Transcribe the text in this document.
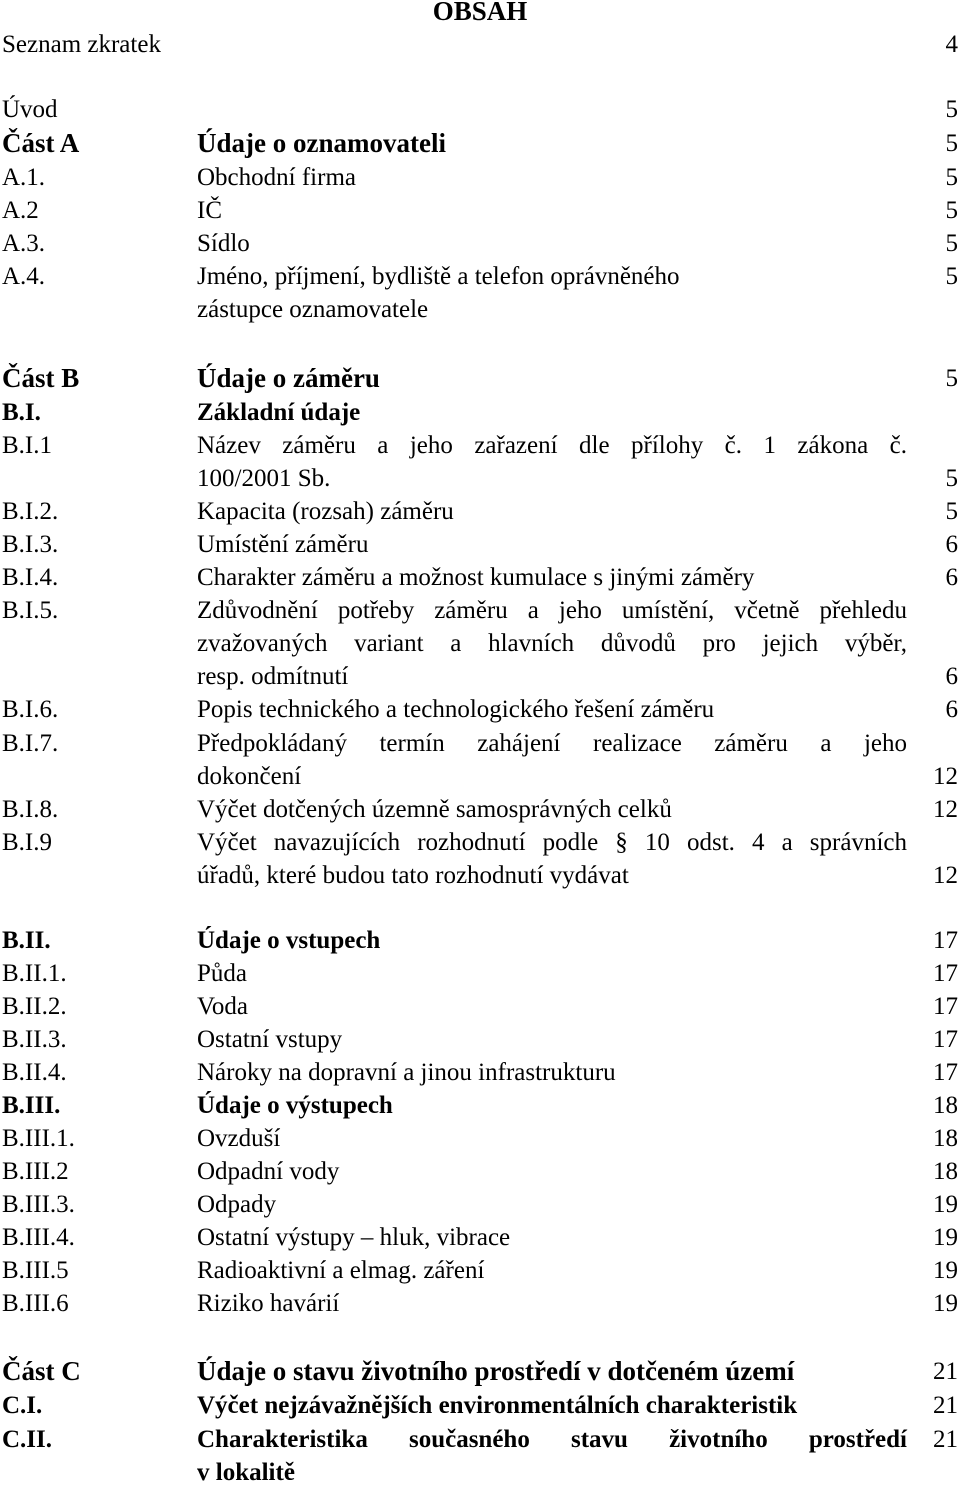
OBSAH
Seznam zkratek	4
Úvod	5
Část A	Údaje o oznamovateli	5
A.1.	Obchodní firma	5
A.2	IČ	5
A.3.	Sídlo	5
A.4.	Jméno, příjmení, bydliště a telefon oprávněného	5
zástupce oznamovatele
Část B	Údaje o záměru	5
B.I.	Základní údaje
B.I.1	Název záměru a jeho zařazení dle přílohy č. 1 zákona č.
100/2001 Sb.	5
B.I.2.	Kapacita (rozsah) záměru	5
B.I.3.	Umístění záměru	6
B.I.4.	Charakter záměru a možnost kumulace s jinými záměry	6
B.I.5.	Zdůvodnění potřeby záměru a jeho umístění, včetně přehledu
zvažovaných variant a hlavních důvodů pro jejich výběr,
resp. odmítnutí	6
B.I.6.	Popis technického a technologického řešení záměru	6
B.I.7.	Předpokládaný termín zahájení realizace záměru a jeho
dokončení	12
B.I.8.	Výčet dotčených územně samosprávných celků	12
B.I.9	Výčet navazujících rozhodnutí podle § 10 odst. 4 a správních
úřadů, které budou tato rozhodnutí vydávat	12
B.II.	Údaje o vstupech	17
B.II.1.	Půda	17
B.II.2.	Voda	17
B.II.3.	Ostatní vstupy	17
B.II.4.	Nároky na dopravní a jinou infrastrukturu	17
B.III.	Údaje o výstupech	18
B.III.1.	Ovzduší	18
B.III.2	Odpadní vody	18
B.III.3.	Odpady	19
B.III.4.	Ostatní výstupy – hluk, vibrace	19
B.III.5	Radioaktivní a elmag. záření	19
B.III.6	Riziko havárií	19
Část C	Údaje o stavu životního prostředí v dotčeném území	21
C.I.	Výčet nejzávažnějších environmentálních charakteristik	21
C.II.	Charakteristika současného stavu životního prostředí 21
v lokalitě
